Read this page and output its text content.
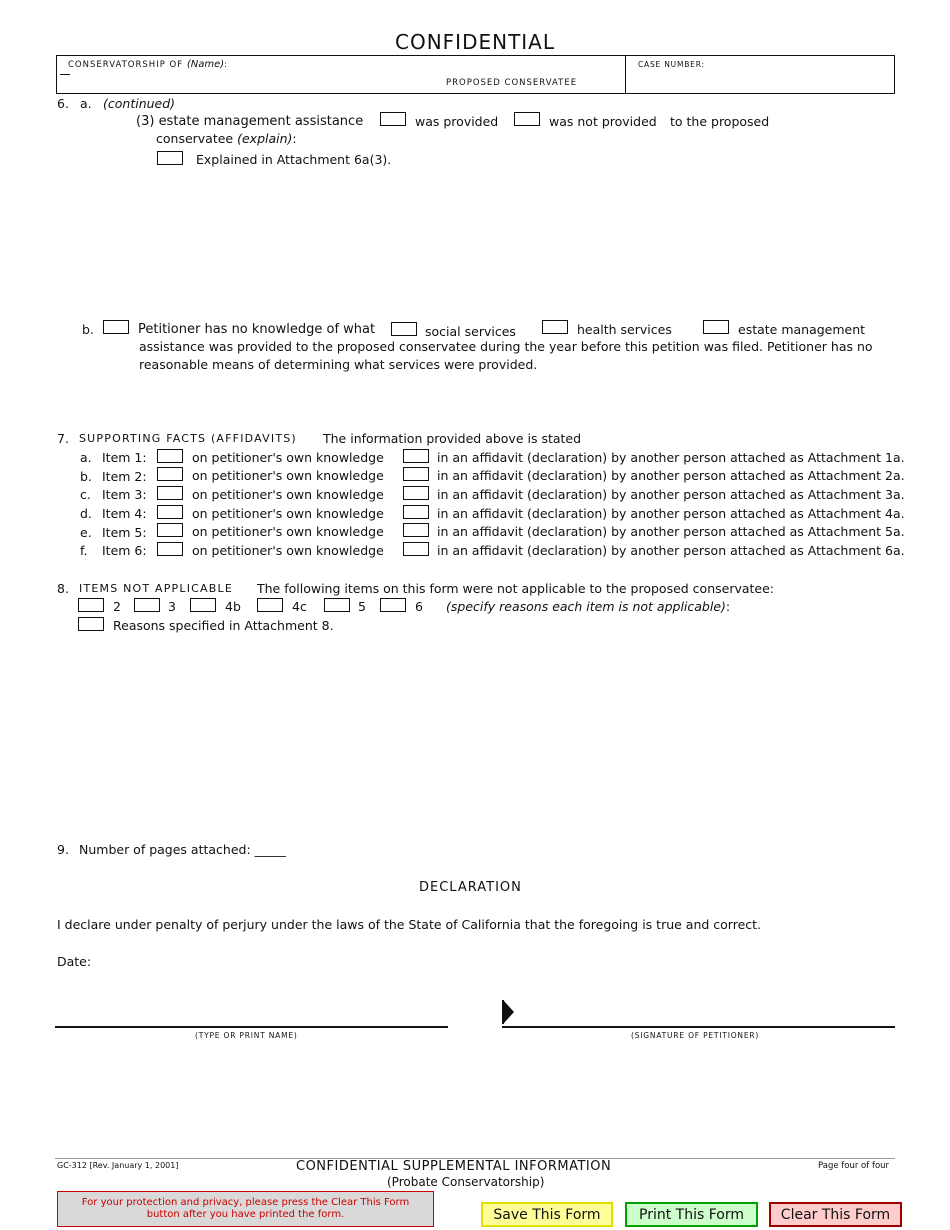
CONFIDENTIAL
CONSERVATORSHIP OF (Name):
PROPOSED CONSERVATEE
CASE NUMBER:
6. a. (continued)
(3) estate management assistance	was provided	was not provided to the proposed
conservatee (explain):
Explained in Attachment 6a(3).
b.	Petitioner has no knowledge of what	social services	health services	estate management
assistance was provided to the proposed conservatee during the year before this petition was filed. Petitioner has no
reasonable means of determining what services were provided.
7. SUPPORTING FACTS (AFFIDAVITS) The information provided above is stated
a. Item 1:	on petitioner's own knowledge	in an affidavit (declaration) by another person attached as Attachment 1a.
b. Item 2:	on petitioner's own knowledge	in an affidavit (declaration) by another person attached as Attachment 2a.
c. Item 3:	on petitioner's own knowledge	in an affidavit (declaration) by another person attached as Attachment 3a.
d. Item 4:	on petitioner's own knowledge	in an affidavit (declaration) by another person attached as Attachment 4a.
e. Item 5:	on petitioner's own knowledge	in an affidavit (declaration) by another person attached as Attachment 5a.
f. Item 6:	on petitioner's own knowledge	in an affidavit (declaration) by another person attached as Attachment 6a.
8. ITEMS NOT APPLICABLE The following items on this form were not applicable to the proposed conservatee:
2	3	4b	4c	5	6 (specify reasons each item is not applicable):
Reasons specified in Attachment 8.
9. Number of pages attached: _____
DECLARATION
I declare under penalty of perjury under the laws of the State of California that the foregoing is true and correct.
Date:
(TYPE OR PRINT NAME)	(SIGNATURE OF PETITIONER)
GC-312 [Rev. January 1, 2001]	CONFIDENTIAL SUPPLEMENTAL INFORMATION
(Probate Conservatorship)
Page four of four
For your protection and privacy, please press the Clear This Form
button after you have printed the form.	Save This Form	Print This Form	Clear This Form
